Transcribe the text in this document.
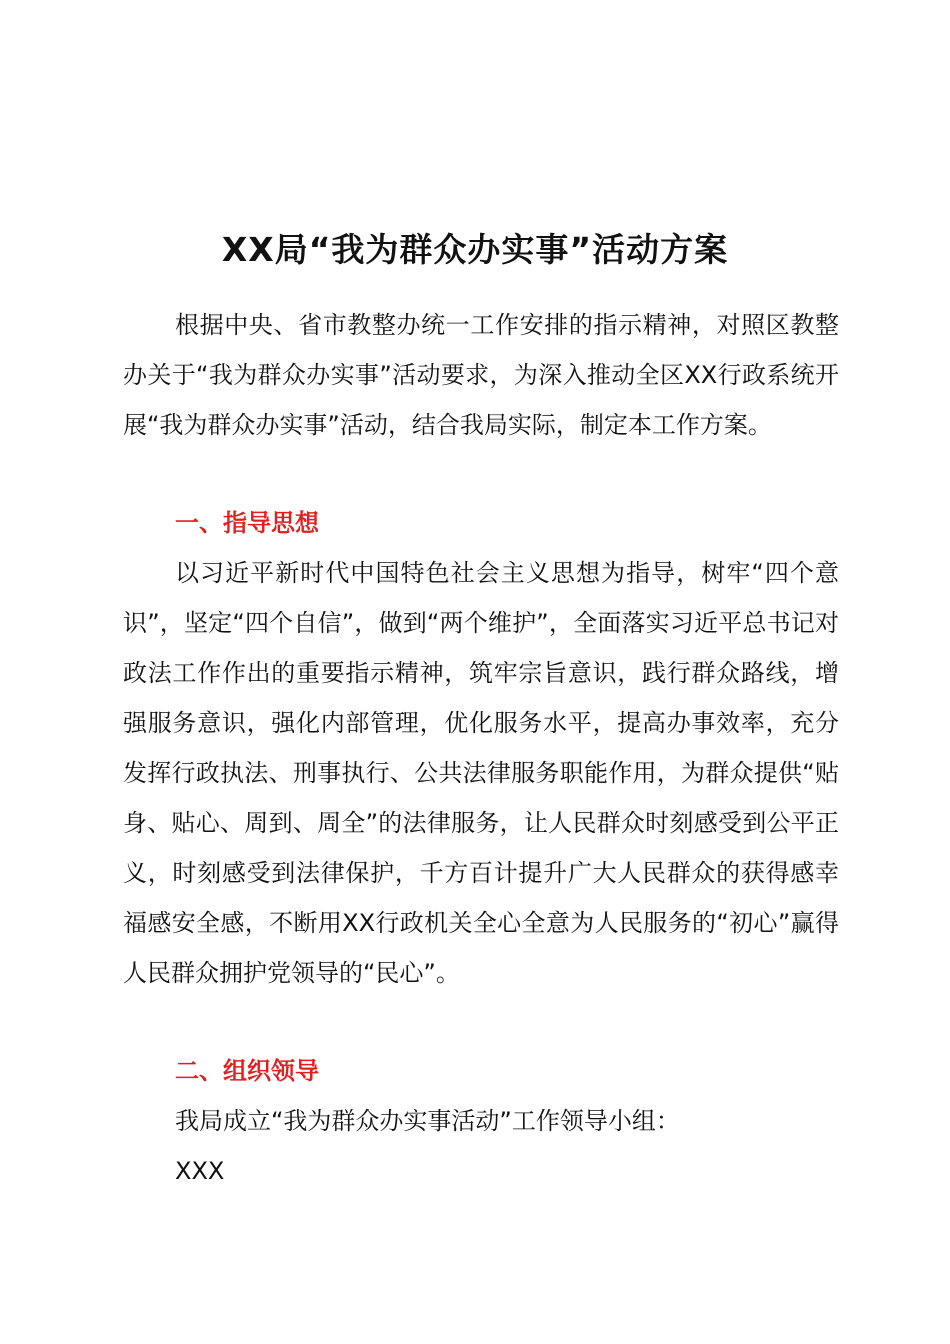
XX局“我为群众办实事”活动方案

根据中央、省市教整办统一工作安排的指示精神，对照区教整办关于“我为群众办实事”活动要求，为深入推动全区XX行政系统开展“我为群众办实事”活动，结合我局实际，制定本工作方案。

一、指导思想

以习近平新时代中国特色社会主义思想为指导，树牢“四个意识”，坚定“四个自信”，做到“两个维护”，全面落实习近平总书记对政法工作作出的重要指示精神，筑牢宗旨意识，践行群众路线，增强服务意识，强化内部管理，优化服务水平，提高办事效率，充分发挥行政执法、刑事执行、公共法律服务职能作用，为群众提供“贴身、贴心、周到、周全”的法律服务，让人民群众时刻感受到公平正义，时刻感受到法律保护，千方百计提升广大人民群众的获得感幸福感安全感，不断用XX行政机关全心全意为人民服务的“初心”赢得人民群众拥护党领导的“民心”。

二、组织领导

我局成立“我为群众办实事活动”工作领导小组：

XXX
